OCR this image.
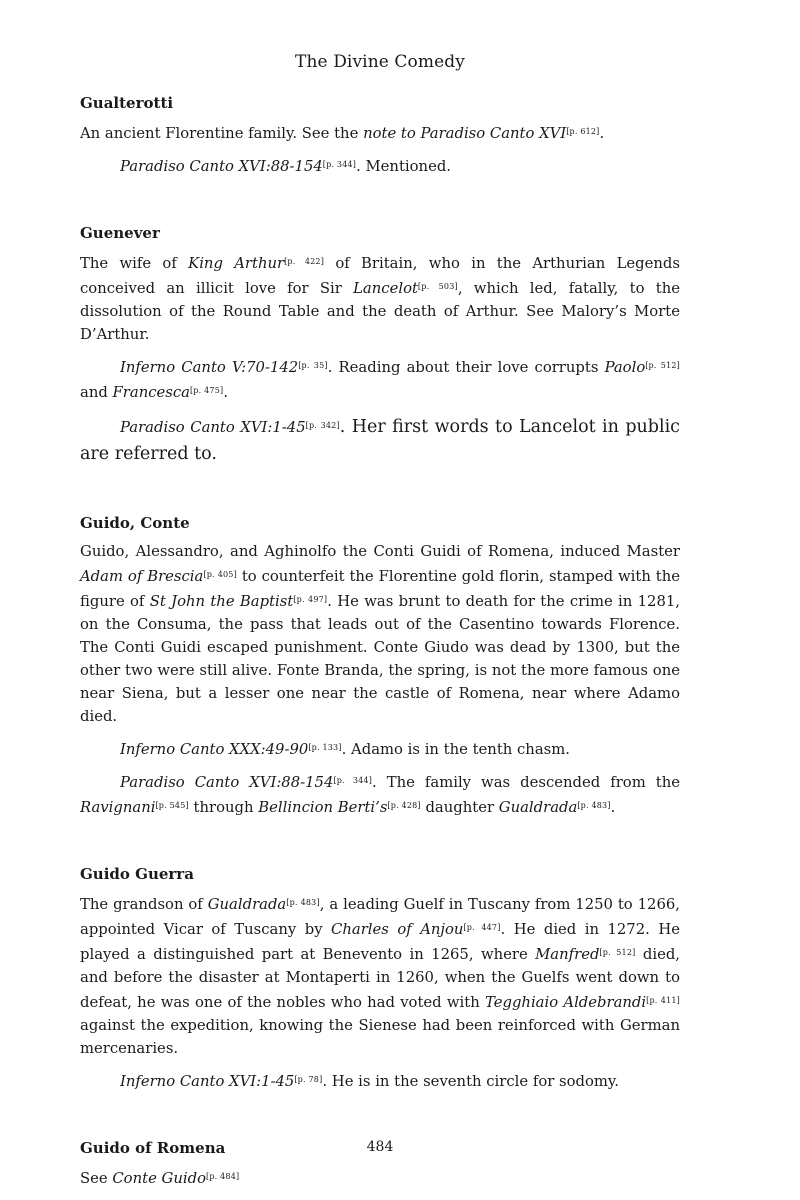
The Divine Comedy
Gualterotti

An ancient Florentine family. See the note to Paradiso Canto XVI[p. 612].

Paradiso Canto XVI:88-154[p. 344]. Mentioned.

Guenever

The wife of King Arthur[p. 422] of Britain, who in the Arthurian Legends conceived an illicit love for Sir Lancelot[p. 503], which led, fatally, to the dissolution of the Round Table and the death of Arthur. See Malory’s Morte D’Arthur.

Inferno Canto V:70-142[p. 35]. Reading about their love corrupts Paolo[p. 512] and Francesca[p. 475].

Paradiso Canto XVI:1-45[p. 342]. Her first words to Lancelot in public are referred to.

Guido, Conte

Guido, Alessandro, and Aghinolfo the Conti Guidi of Romena, induced Master Adam of Brescia[p. 405] to counterfeit the Florentine gold florin, stamped with the figure of St John the Baptist[p. 497]. He was brunt to death for the crime in 1281, on the Consuma, the pass that leads out of the Casentino towards Florence. The Conti Guidi escaped punishment. Conte Giudo was dead by 1300, but the other two were still alive. Fonte Branda, the spring, is not the more famous one near Siena, but a lesser one near the castle of Romena, near where Adamo died.

Inferno Canto XXX:49-90[p. 133]. Adamo is in the tenth chasm.

Paradiso Canto XVI:88-154[p. 344]. The family was descended from the Ravignani[p. 545] through Bellincion Berti’s[p. 428] daughter Gualdrada[p. 483].

Guido Guerra

The grandson of Gualdrada[p. 483], a leading Guelf in Tuscany from 1250 to 1266, appointed Vicar of Tuscany by Charles of Anjou[p. 447]. He died in 1272. He played a distinguished part at Benevento in 1265, where Manfred[p. 512] died, and before the disaster at Montaperti in 1260, when the Guelfs went down to defeat, he was one of the nobles who had voted with Tegghiaio Aldebrandi[p. 411] against the expedition, knowing the Sienese had been reinforced with German mercenaries.

Inferno Canto XVI:1-45[p. 78]. He is in the seventh circle for sodomy.

Guido of Romena

See Conte Guido[p. 484]

484
